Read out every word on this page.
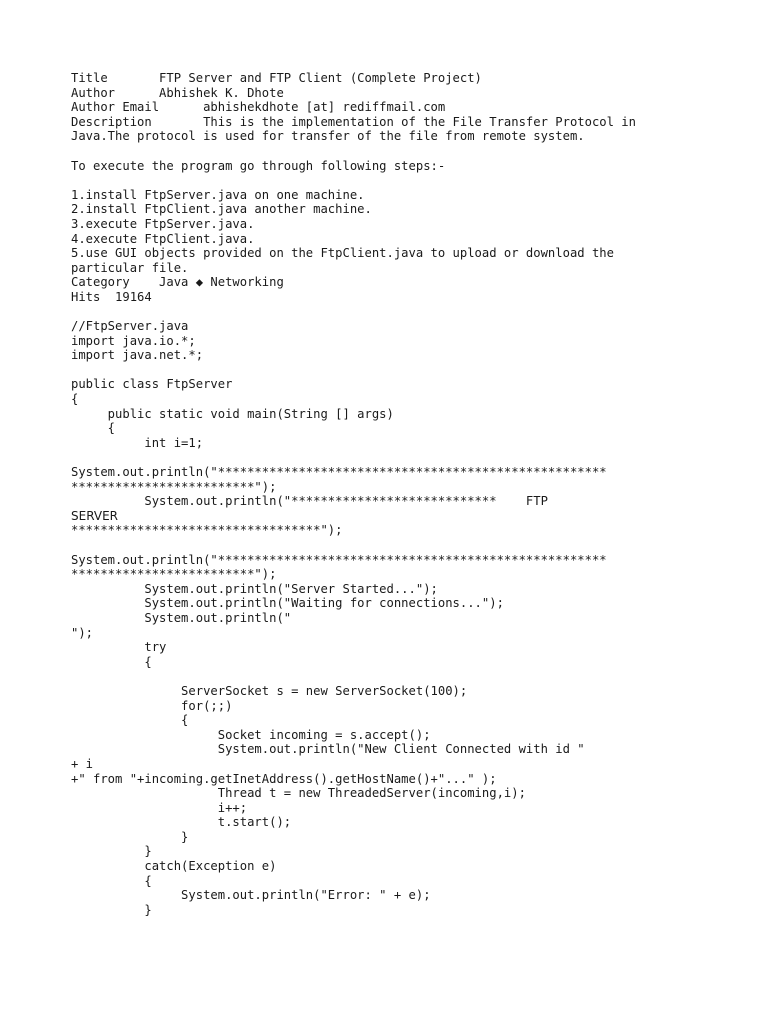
Title       FTP Server and FTP Client (Complete Project)
Author      Abhishek K. Dhote
Author Email      abhishekdhote [at] rediffmail.com
Description       This is the implementation of the File Transfer Protocol in
Java.The protocol is used for transfer of the file from remote system.
To execute the program go through following steps:-
1.install FtpServer.java on one machine.
2.install FtpClient.java another machine.
3.execute FtpServer.java.
4.execute FtpClient.java.
5.use GUI objects provided on the FtpClient.java to upload or download the
particular file.
Category    Java ◆ Networking
Hits  19164
//FtpServer.java
import java.io.*;
import java.net.*;
public class FtpServer
{
public static void main(String [] args)
{
int i=1;
System.out.println("*****************************************************
*************************");
System.out.println("****************************    FTP
SERVER
**********************************");
System.out.println("*****************************************************
*************************");
System.out.println("Server Started...");
System.out.println("Waiting for connections...");
System.out.println("
");
try
{
ServerSocket s = new ServerSocket(100);
for(;;)
{
Socket incoming = s.accept();
System.out.println("New Client Connected with id "
+ i
+" from "+incoming.getInetAddress().getHostName()+"..." );
Thread t = new ThreadedServer(incoming,i);
i++;
t.start();
}
}
catch(Exception e)
{
System.out.println("Error: " + e);
}
